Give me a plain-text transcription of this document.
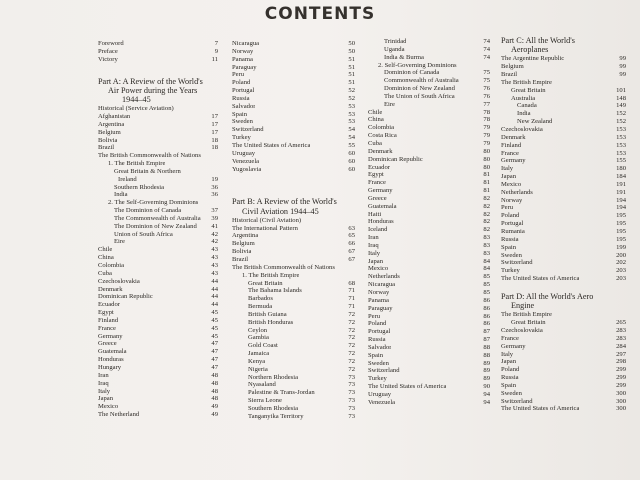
CONTENTS
Foreword	7
Preface	9
Victory	11
Part A: A Review of the World's
Air Power during the Years
1944–45
Historical (Service Aviation)
Afghanistan	17
Argentina	17
Belgium	17
Bolivia	18
Brazil	18
The British Commonwealth of Nations
1. The British Empire
Great Britain & Northern
Ireland	19
Southern Rhodesia	36
India	36
2. The Self-Governing Dominions
The Dominion of Canada	37
The Commonwealth of Australia	39
The Dominion of New Zealand	41
Union of South Africa	42
Eire	42
Chile	43
China	43
Colombia	43
Cuba	43
Czechoslovakia	44
Denmark	44
Dominican Republic	44
Ecuador	44
Egypt	45
Finland	45
France	45
Germany	45
Greece	47
Guatemala	47
Honduras	47
Hungary	47
Iran	48
Iraq	48
Italy	48
Japan	48
Mexico	49
The Netherland	49
Nicaragua	50
Norway	50
Panama	51
Paraguay	51
Peru	51
Poland	51
Portugal	52
Russia	52
Salvador	53
Spain	53
Sweden	53
Switzerland	54
Turkey	54
The United States of America	55
Uruguay	60
Venezuela	60
Yugoslavia	60
Part B: A Review of the World's
Civil Aviation 1944–45
Historical (Civil Aviation)
The International Pattern	63
Argentina	65
Belgium	66
Bolivia	67
Brazil	67
The British Commonwealth of Nations
1. The British Empire
Great Britain	68
The Bahama Islands	71
Barbados	71
Bermuda	71
British Guiana	72
British Honduras	72
Ceylon	72
Gambia	72
Gold Coast	72
Jamaica	72
Kenya	72
Nigeria	72
Northern Rhodesia	73
Nyasaland	73
Palestine & Trans-Jordan	73
Sierra Leone	73
Southern Rhodesia	73
Tanganyika Territory	73
Trinidad	74
Uganda	74
India & Burma	74
2. Self-Governing Dominions
Dominion of Canada	75
Commonwealth of Australia	75
Dominion of New Zealand	76
The Union of South Africa	76
Eire	77
Chile	78
China	78
Colombia	79
Costa Rica	79
Cuba	79
Denmark	80
Dominican Republic	80
Ecuador	80
Egypt	81
France	81
Germany	81
Greece	82
Guatemala	82
Haiti	82
Honduras	82
Iceland	82
Iran	83
Iraq	83
Italy	83
Japan	84
Mexico	84
Netherlands	85
Nicaragua	85
Norway	85
Panama	86
Paraguay	86
Peru	86
Poland	86
Portugal	87
Russia	87
Salvador	88
Spain	88
Sweden	89
Switzerland	89
Turkey	89
The United States of America	90
Uruguay	94
Venezuela	94
Part C: All the World's
Aeroplanes
The Argentine Republic	99
Belgium	99
Brazil	99
The British Empire
Great Britain	101
Australia	148
Canada	149
India	152
New Zealand	152
Czechoslovakia	153
Denmark	153
Finland	153
France	153
Germany	155
Italy	180
Japan	184
Mexico	191
Netherlands	191
Norway	194
Peru	194
Poland	195
Portugal	195
Rumania	195
Russia	195
Spain	199
Sweden	200
Switzerland	202
Turkey	203
The United States of America	203
Part D: All the World's Aero
Engine
The British Empire
Great Britain	265
Czechoslovakia	283
France	283
Germany	284
Italy	297
Japan	298
Poland	299
Russia	299
Spain	299
Sweden	300
Switzerland	300
The United States of America	300
